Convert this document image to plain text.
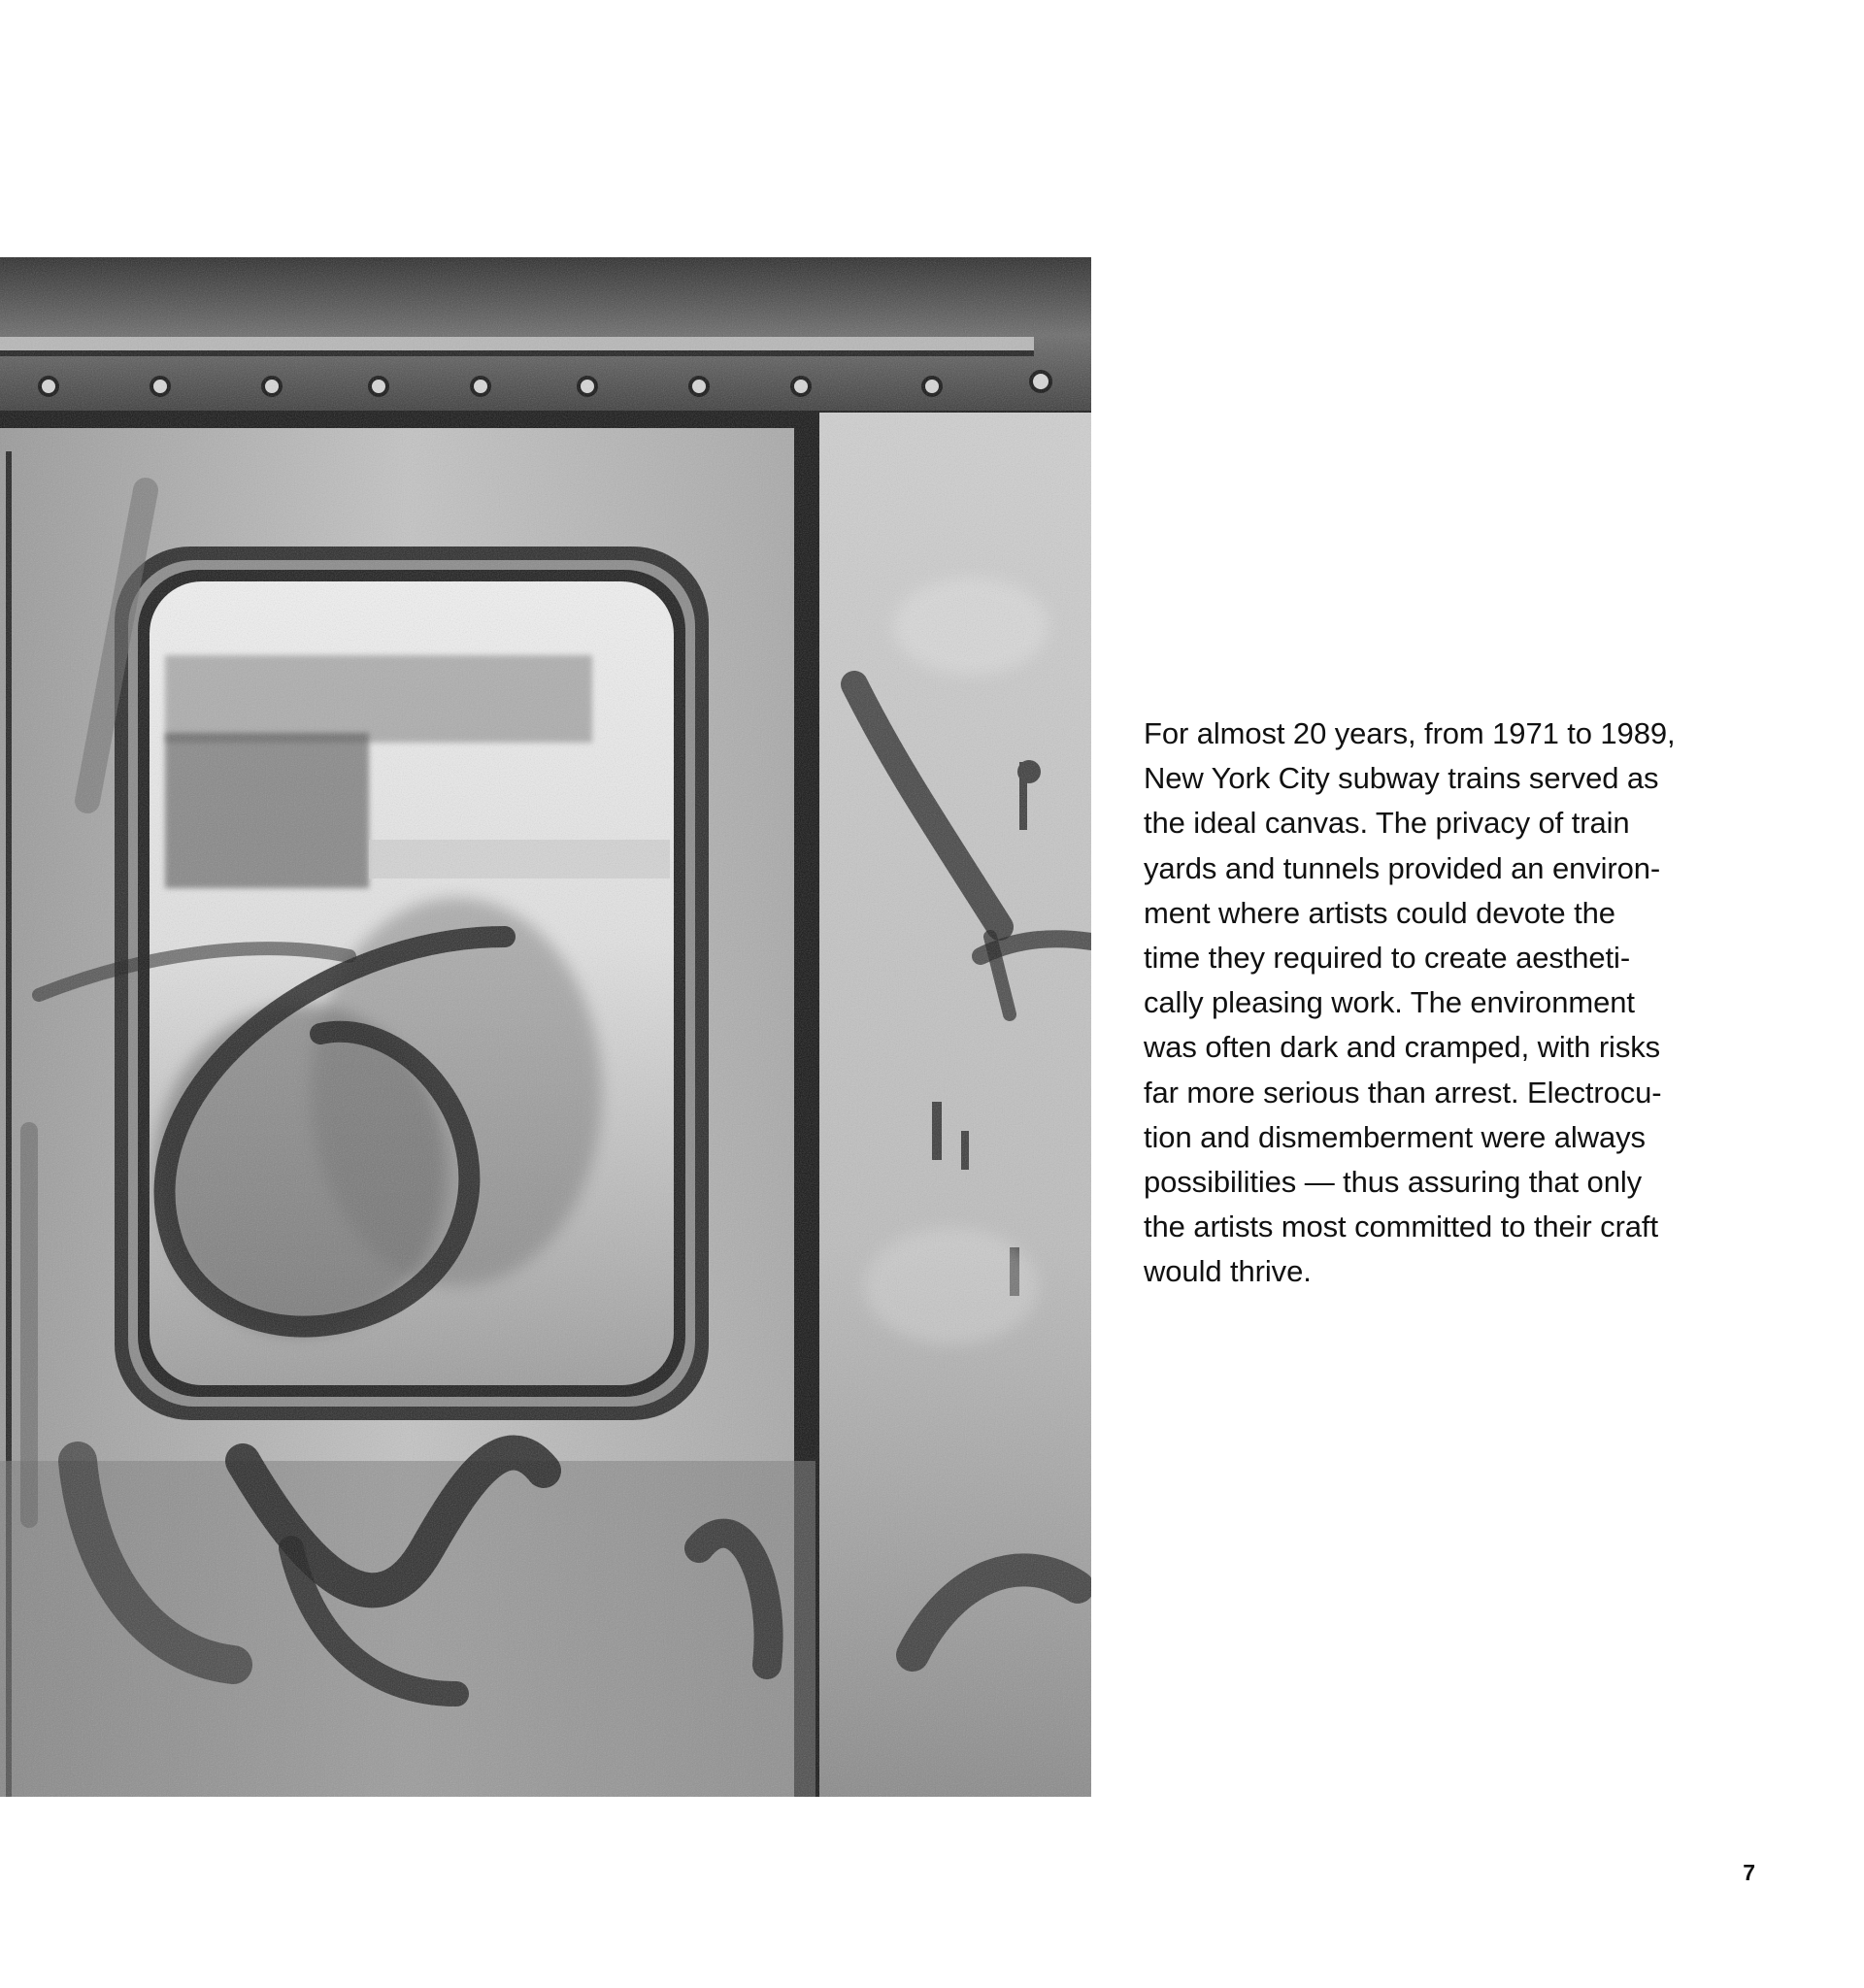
For almost 20 years, from 1971 to 1989,
New York City subway trains served as
the ideal canvas. The privacy of train
yards and tunnels provided an environ-
ment where artists could devote the
time they required to create aestheti-
cally pleasing work. The environment
was often dark and cramped, with risks
far more serious than arrest. Electrocu-
tion and dismemberment were always
possibilities — thus assuring that only
the artists most committed to their craft
would thrive.

7
